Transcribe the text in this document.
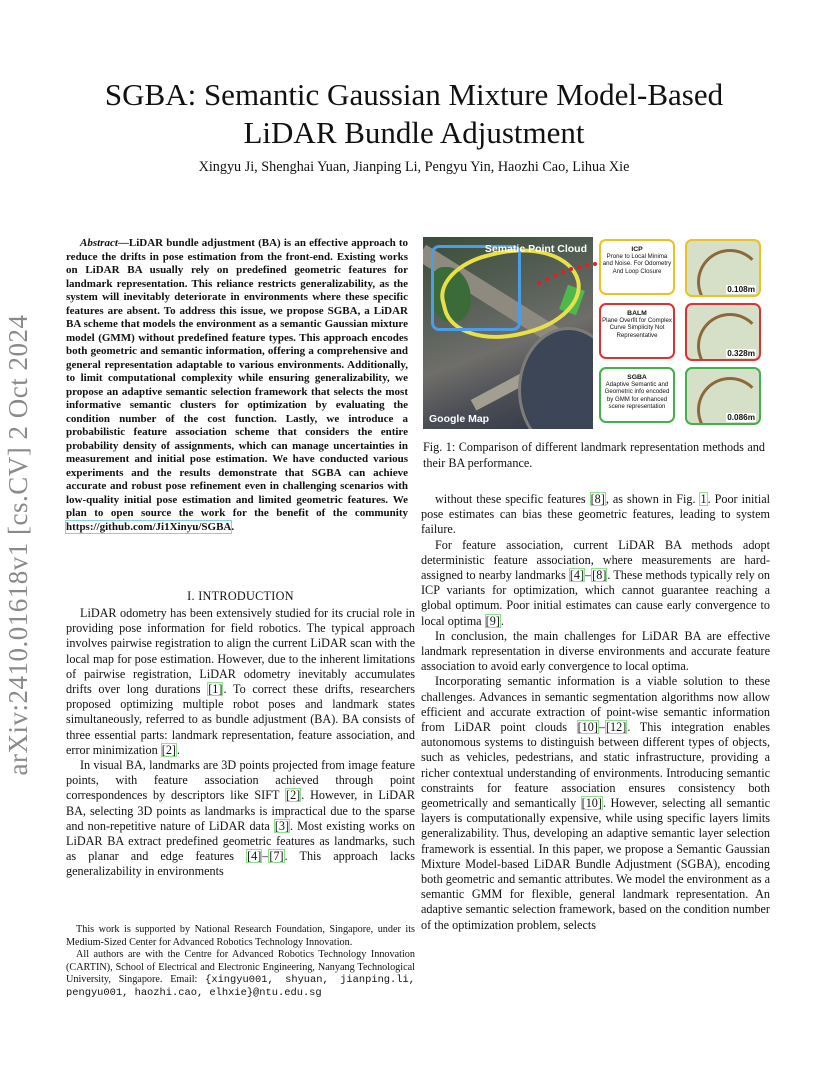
arXiv:2410.01618v1 [cs.CV] 2 Oct 2024
SGBA: Semantic Gaussian Mixture Model-Based
LiDAR Bundle Adjustment
Xingyu Ji, Shenghai Yuan, Jianping Li, Pengyu Yin, Haozhi Cao, Lihua Xie
Abstract—LiDAR bundle adjustment (BA) is an effective approach to reduce the drifts in pose estimation from the front-end. Existing works on LiDAR BA usually rely on predefined geometric features for landmark representation. This reliance restricts generalizability, as the system will inevitably deteriorate in environments where these specific features are absent. To address this issue, we propose SGBA, a LiDAR BA scheme that models the environment as a semantic Gaussian mixture model (GMM) without predefined feature types. This approach encodes both geometric and semantic information, offering a comprehensive and general representation adaptable to various environments. Additionally, to limit computational complexity while ensuring generalizability, we propose an adaptive semantic selection framework that selects the most informative semantic clusters for optimization by evaluating the condition number of the cost function. Lastly, we introduce a probabilistic feature association scheme that considers the entire probability density of assignments, which can manage uncertainties in measurement and initial pose estimation. We have conducted various experiments and the results demonstrate that SGBA can achieve accurate and robust pose refinement even in challenging scenarios with low-quality initial pose estimation and limited geometric features. We plan to open source the work for the benefit of the community https://github.com/Ji1Xinyu/SGBA.
I. INTRODUCTION

LiDAR odometry has been extensively studied for its crucial role in providing pose information for field robotics. The typical approach involves pairwise registration to align the current LiDAR scan with the local map for pose estimation. However, due to the inherent limitations of pairwise registration, LiDAR odometry inevitably accumulates drifts over long durations [1]. To correct these drifts, researchers proposed optimizing multiple robot poses and landmark states simultaneously, referred to as bundle adjustment (BA). BA consists of three essential parts: landmark representation, feature association, and error minimization [2].

In visual BA, landmarks are 3D points projected from image feature points, with feature association achieved through point correspondences by descriptors like SIFT [2]. However, in LiDAR BA, selecting 3D points as landmarks is impractical due to the sparse and non-repetitive nature of LiDAR data [3]. Most existing works on LiDAR BA extract predefined geometric features as landmarks, such as planar and edge features [4]–[7]. This approach lacks generalizability in environments

This work is supported by National Research Foundation, Singapore, under its Medium-Sized Center for Advanced Robotics Technology Innovation.

All authors are with the Centre for Advanced Robotics Technology Innovation (CARTIN), School of Electrical and Electronic Engineering, Nanyang Technological University, Singapore. Email: {xingyu001, shyuan, jianping.li, pengyu001, haozhi.cao, elhxie}@ntu.edu.sg

Sematic Point Cloud
Google Map
ICP
Prone to Local Minima and Noise. For Odometry And Loop Closure
0.108m
BALM
Plane Overfit for Complex Curve Simplicity Not Representative
0.328m
SGBA
Adaptive Semantic and Geometric info encoded by GMM for enhanced scene representation
0.086m
Fig. 1: Comparison of different landmark representation methods and their BA performance.

without these specific features [8], as shown in Fig. 1. Poor initial pose estimates can bias these geometric features, leading to system failure.

For feature association, current LiDAR BA methods adopt deterministic feature association, where measurements are hard-assigned to nearby landmarks [4]–[8]. These methods typically rely on ICP variants for optimization, which cannot guarantee reaching a global optimum. Poor initial estimates can cause early convergence to local optima [9].

In conclusion, the main challenges for LiDAR BA are effective landmark representation in diverse environments and accurate feature association to avoid early convergence to local optima.

Incorporating semantic information is a viable solution to these challenges. Advances in semantic segmentation algorithms now allow efficient and accurate extraction of point-wise semantic information from LiDAR point clouds [10]–[12]. This integration enables autonomous systems to distinguish between different types of objects, such as vehicles, pedestrians, and static infrastructure, providing a richer contextual understanding of environments. Introducing semantic constraints for feature association ensures consistency both geometrically and semantically [10]. However, selecting all semantic layers is computationally expensive, while using specific layers limits generalizability. Thus, developing an adaptive semantic layer selection framework is essential. In this paper, we propose a Semantic Gaussian Mixture Model-based LiDAR Bundle Adjustment (SGBA), encoding both geometric and semantic attributes. We model the environment as a semantic GMM for flexible, general landmark representation. An adaptive semantic selection framework, based on the condition number of the optimization problem, selects
